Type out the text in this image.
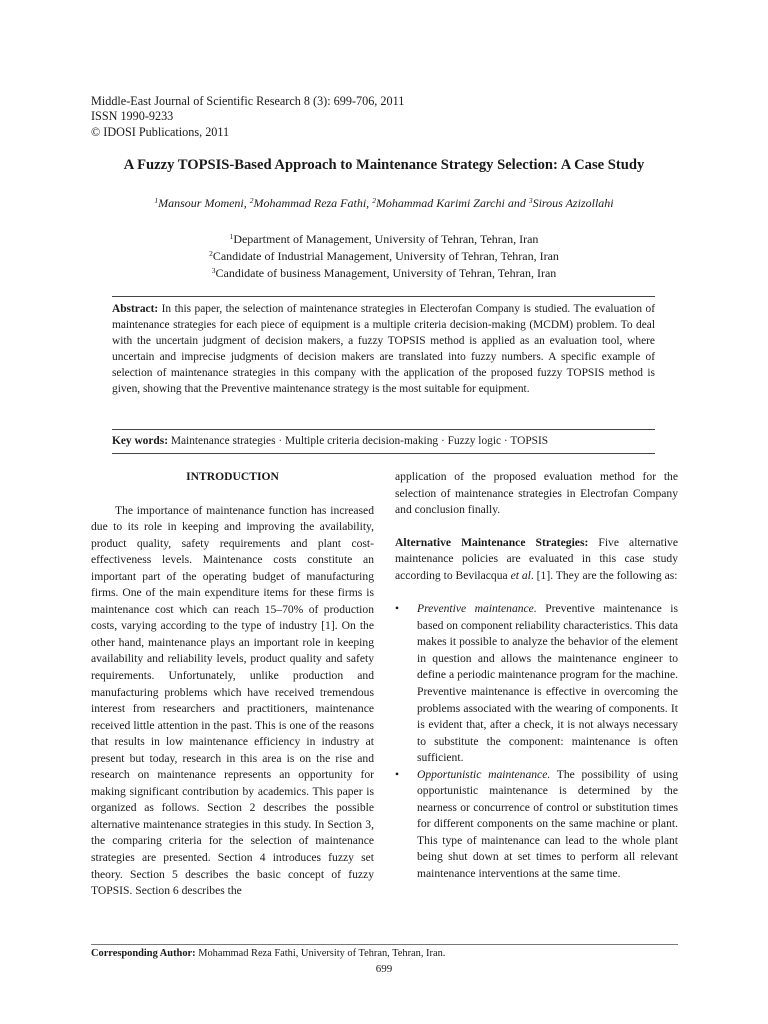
Middle-East Journal of Scientific Research 8 (3): 699-706, 2011
ISSN 1990-9233
© IDOSI Publications, 2011
A Fuzzy TOPSIS-Based Approach to Maintenance Strategy Selection: A Case Study
$^1$Mansour Momeni, $^2$Mohammad Reza Fathi, $^2$Mohammad Karimi Zarchi and $^3$Sirous Azizollahi
$^1$Department of Management, University of Tehran, Tehran, Iran
$^2$Candidate of Industrial Management, University of Tehran, Tehran, Iran
$^3$Candidate of business Management, University of Tehran, Tehran, Iran
Abstract: In this paper, the selection of maintenance strategies in Electerofan Company is studied. The evaluation of maintenance strategies for each piece of equipment is a multiple criteria decision-making (MCDM) problem. To deal with the uncertain judgment of decision makers, a fuzzy TOPSIS method is applied as an evaluation tool, where uncertain and imprecise judgments of decision makers are translated into fuzzy numbers. A specific example of selection of maintenance strategies in this company with the application of the proposed fuzzy TOPSIS method is given, showing that the Preventive maintenance strategy is the most suitable for equipment.
Key words: Maintenance strategies · Multiple criteria decision-making · Fuzzy logic · TOPSIS
INTRODUCTION

The importance of maintenance function has increased due to its role in keeping and improving the availability, product quality, safety requirements and plant cost-effectiveness levels. Maintenance costs constitute an important part of the operating budget of manufacturing firms. One of the main expenditure items for these firms is maintenance cost which can reach 15–70% of production costs, varying according to the type of industry [1]. On the other hand, maintenance plays an important role in keeping availability and reliability levels, product quality and safety requirements. Unfortunately, unlike production and manufacturing problems which have received tremendous interest from researchers and practitioners, maintenance received little attention in the past. This is one of the reasons that results in low maintenance efficiency in industry at present but today, research in this area is on the rise and research on maintenance represents an opportunity for making significant contribution by academics. This paper is organized as follows. Section 2 describes the possible alternative maintenance strategies in this study. In Section 3, the comparing criteria for the selection of maintenance strategies are presented. Section 4 introduces fuzzy set theory. Section 5 describes the basic concept of fuzzy TOPSIS. Section 6 describes the

application of the proposed evaluation method for the selection of maintenance strategies in Electrofan Company and conclusion finally.

Alternative Maintenance Strategies: Five alternative maintenance policies are evaluated in this case study according to Bevilacqua et al. [1]. They are the following as:

• Preventive maintenance. Preventive maintenance is based on component reliability characteristics. This data makes it possible to analyze the behavior of the element in question and allows the maintenance engineer to define a periodic maintenance program for the machine. Preventive maintenance is effective in overcoming the problems associated with the wearing of components. It is evident that, after a check, it is not always necessary to substitute the component: maintenance is often sufficient.
• Opportunistic maintenance. The possibility of using opportunistic maintenance is determined by the nearness or concurrence of control or substitution times for different components on the same machine or plant. This type of maintenance can lead to the whole plant being shut down at set times to perform all relevant maintenance interventions at the same time.
Corresponding Author: Mohammad Reza Fathi, University of Tehran, Tehran, Iran.
699
